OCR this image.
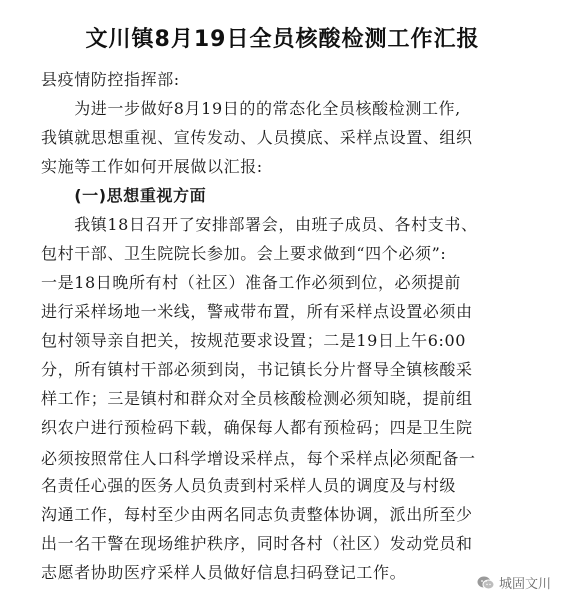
文川镇8月19日全员核酸检测工作汇报
县疫情防控指挥部:
　　为进一步做好8月19日的的常态化全员核酸检测工作,
我镇就思想重视、宣传发动、人员摸底、采样点设置、组织
实施等工作如何开展做以汇报:
　　(一)思想重视方面
　　我镇18日召开了安排部署会，由班子成员、各村支书、
包村干部、卫生院院长参加。会上要求做到“四个必须”:
一是18日晚所有村（社区）准备工作必须到位，必须提前
进行采样场地一米线，警戒带布置，所有采样点设置必须由
包村领导亲自把关，按规范要求设置；二是19日上午6:00
分，所有镇村干部必须到岗，书记镇长分片督导全镇核酸采
样工作；三是镇村和群众对全员核酸检测必须知晓，提前组
织农户进行预检码下载，确保每人都有预检码；四是卫生院
必须按照常住人口科学增设采样点，每个采样点 必须配备一
名责任心强的医务人员负责到村采样人员的调度及与村级
沟通工作，每村至少由两名同志负责整体协调，派出所至少
出一名干警在现场维护秩序，同时各村（社区）发动党员和
志愿者协助医疗采样人员做好信息扫码登记工作。
城固文川
